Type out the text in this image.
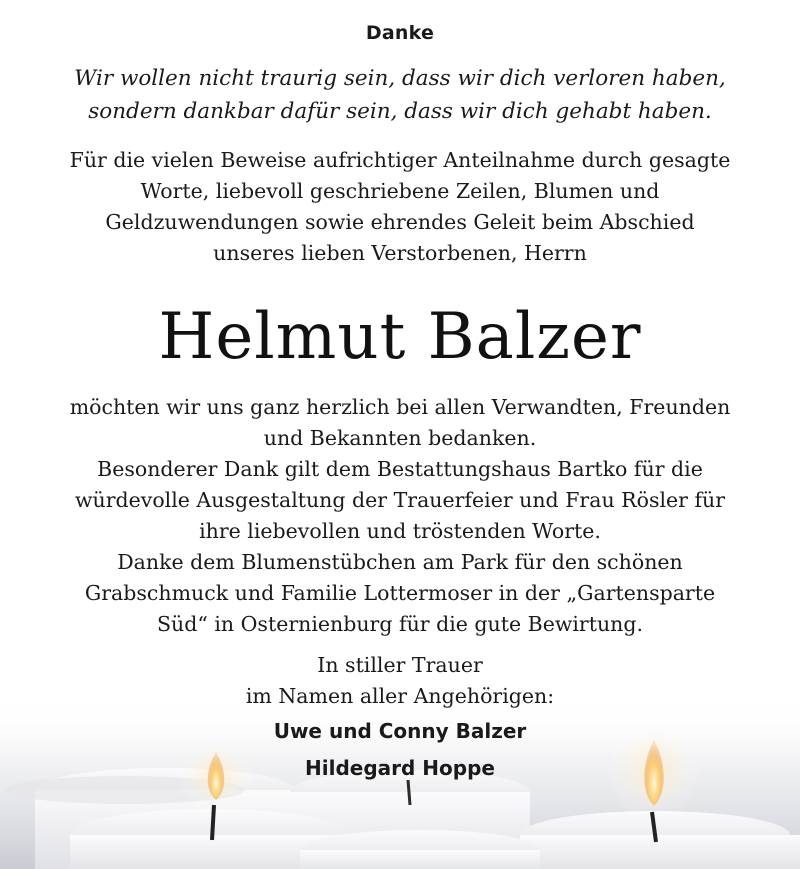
Danke
Wir wollen nicht traurig sein, dass wir dich verloren haben,
sondern dankbar dafür sein, dass wir dich gehabt haben.
Für die vielen Beweise aufrichtiger Anteilnahme durch gesagte
Worte, liebevoll geschriebene Zeilen, Blumen und
Geldzuwendungen sowie ehrendes Geleit beim Abschied
unseres lieben Verstorbenen, Herrn
Helmut Balzer
möchten wir uns ganz herzlich bei allen Verwandten, Freunden
und Bekannten bedanken.
Besonderer Dank gilt dem Bestattungshaus Bartko für die
würdevolle Ausgestaltung der Trauerfeier und Frau Rösler für
ihre liebevollen und tröstenden Worte.
Danke dem Blumenstübchen am Park für den schönen
Grabschmuck und Familie Lottermoser in der „Gartensparte
Süd“ in Osternienburg für die gute Bewirtung.
In stiller Trauer
im Namen aller Angehörigen:
Uwe und Conny Balzer
Hildegard Hoppe
